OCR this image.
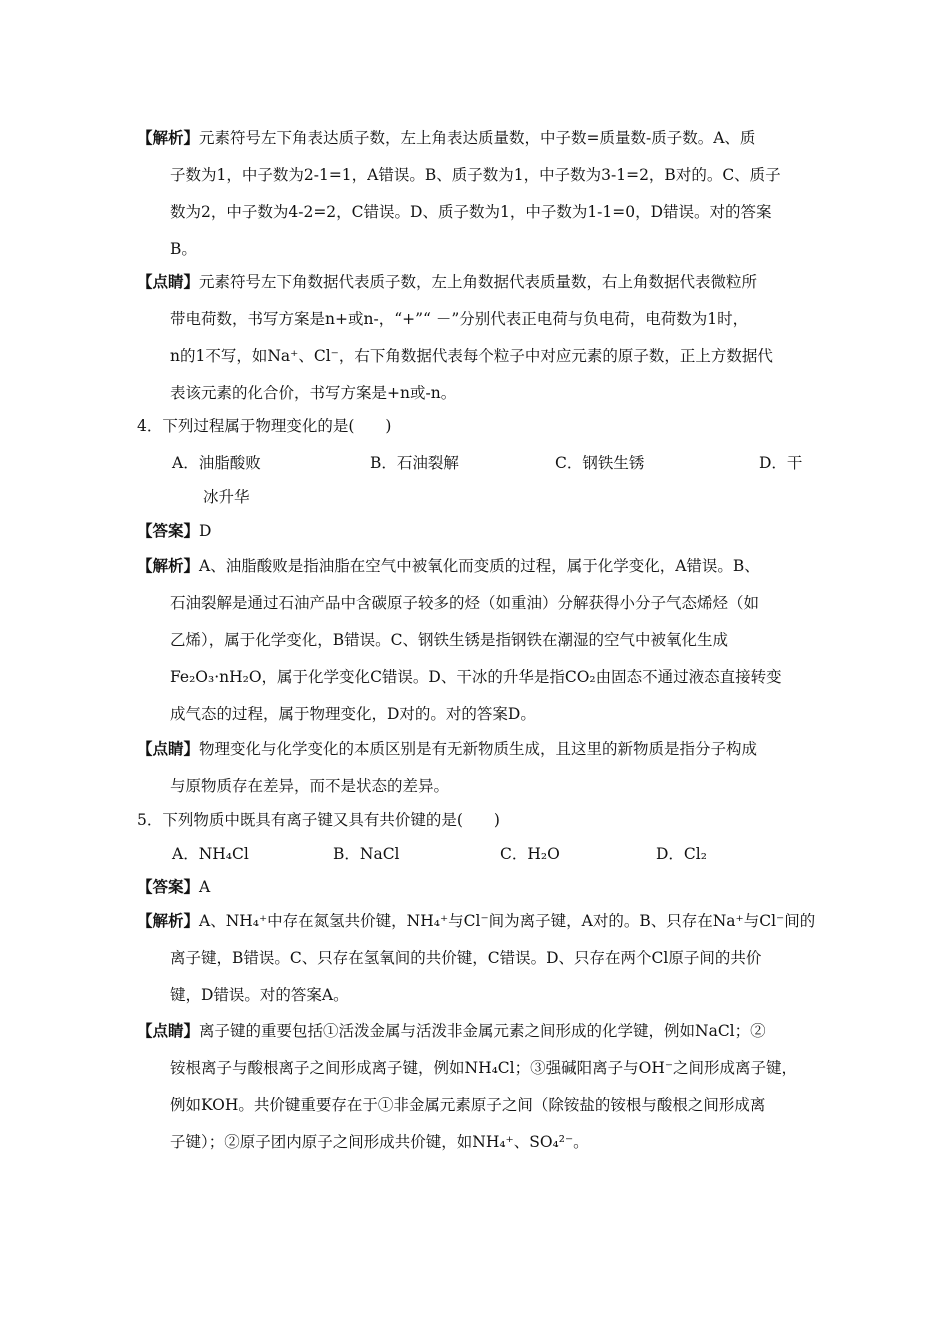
【解析】元素符号左下角表达质子数，左上角表达质量数，中子数=质量数-质子数。A、质
子数为1，中子数为2-1=1，A错误。B、质子数为1，中子数为3-1=2，B对的。C、质子
数为2，中子数为4-2=2，C错误。D、质子数为1，中子数为1-1=0，D错误。对的答案
B。
【点睛】元素符号左下角数据代表质子数，左上角数据代表质量数，右上角数据代表微粒所
带电荷数，书写方案是n+或n-，“+”“ －”分别代表正电荷与负电荷，电荷数为1时，
n的1不写，如Na⁺、Cl⁻，右下角数据代表每个粒子中对应元素的原子数，正上方数据代
表该元素的化合价，书写方案是+n或-n。
4．下列过程属于物理变化的是(　　)
A．油脂酸败	B．石油裂解	C．钢铁生锈	D．干
冰升华
【答案】D
【解析】A、油脂酸败是指油脂在空气中被氧化而变质的过程，属于化学变化，A错误。B、
石油裂解是通过石油产品中含碳原子较多的烃（如重油）分解获得小分子气态烯烃（如
乙烯），属于化学变化，B错误。C、钢铁生锈是指钢铁在潮湿的空气中被氧化生成
Fe₂O₃·nH₂O，属于化学变化C错误。D、干冰的升华是指CO₂由固态不通过液态直接转变
成气态的过程，属于物理变化，D对的。对的答案D。
【点睛】物理变化与化学变化的本质区别是有无新物质生成，且这里的新物质是指分子构成
与原物质存在差异，而不是状态的差异。
5．下列物质中既具有离子键又具有共价键的是(　　)
A．NH₄Cl	B．NaCl	C．H₂O	D．Cl₂
【答案】A
【解析】A、NH₄⁺中存在氮氢共价键，NH₄⁺与Cl⁻间为离子键，A对的。B、只存在Na⁺与Cl⁻间的
离子键，B错误。C、只存在氢氧间的共价键，C错误。D、只存在两个Cl原子间的共价
键，D错误。对的答案A。
【点睛】离子键的重要包括①活泼金属与活泼非金属元素之间形成的化学键，例如NaCl；②
铵根离子与酸根离子之间形成离子键，例如NH₄Cl；③强碱阳离子与OH⁻之间形成离子键，
例如KOH。共价键重要存在于①非金属元素原子之间（除铵盐的铵根与酸根之间形成离
子键）；②原子团内原子之间形成共价键，如NH₄⁺、SO₄²⁻。
